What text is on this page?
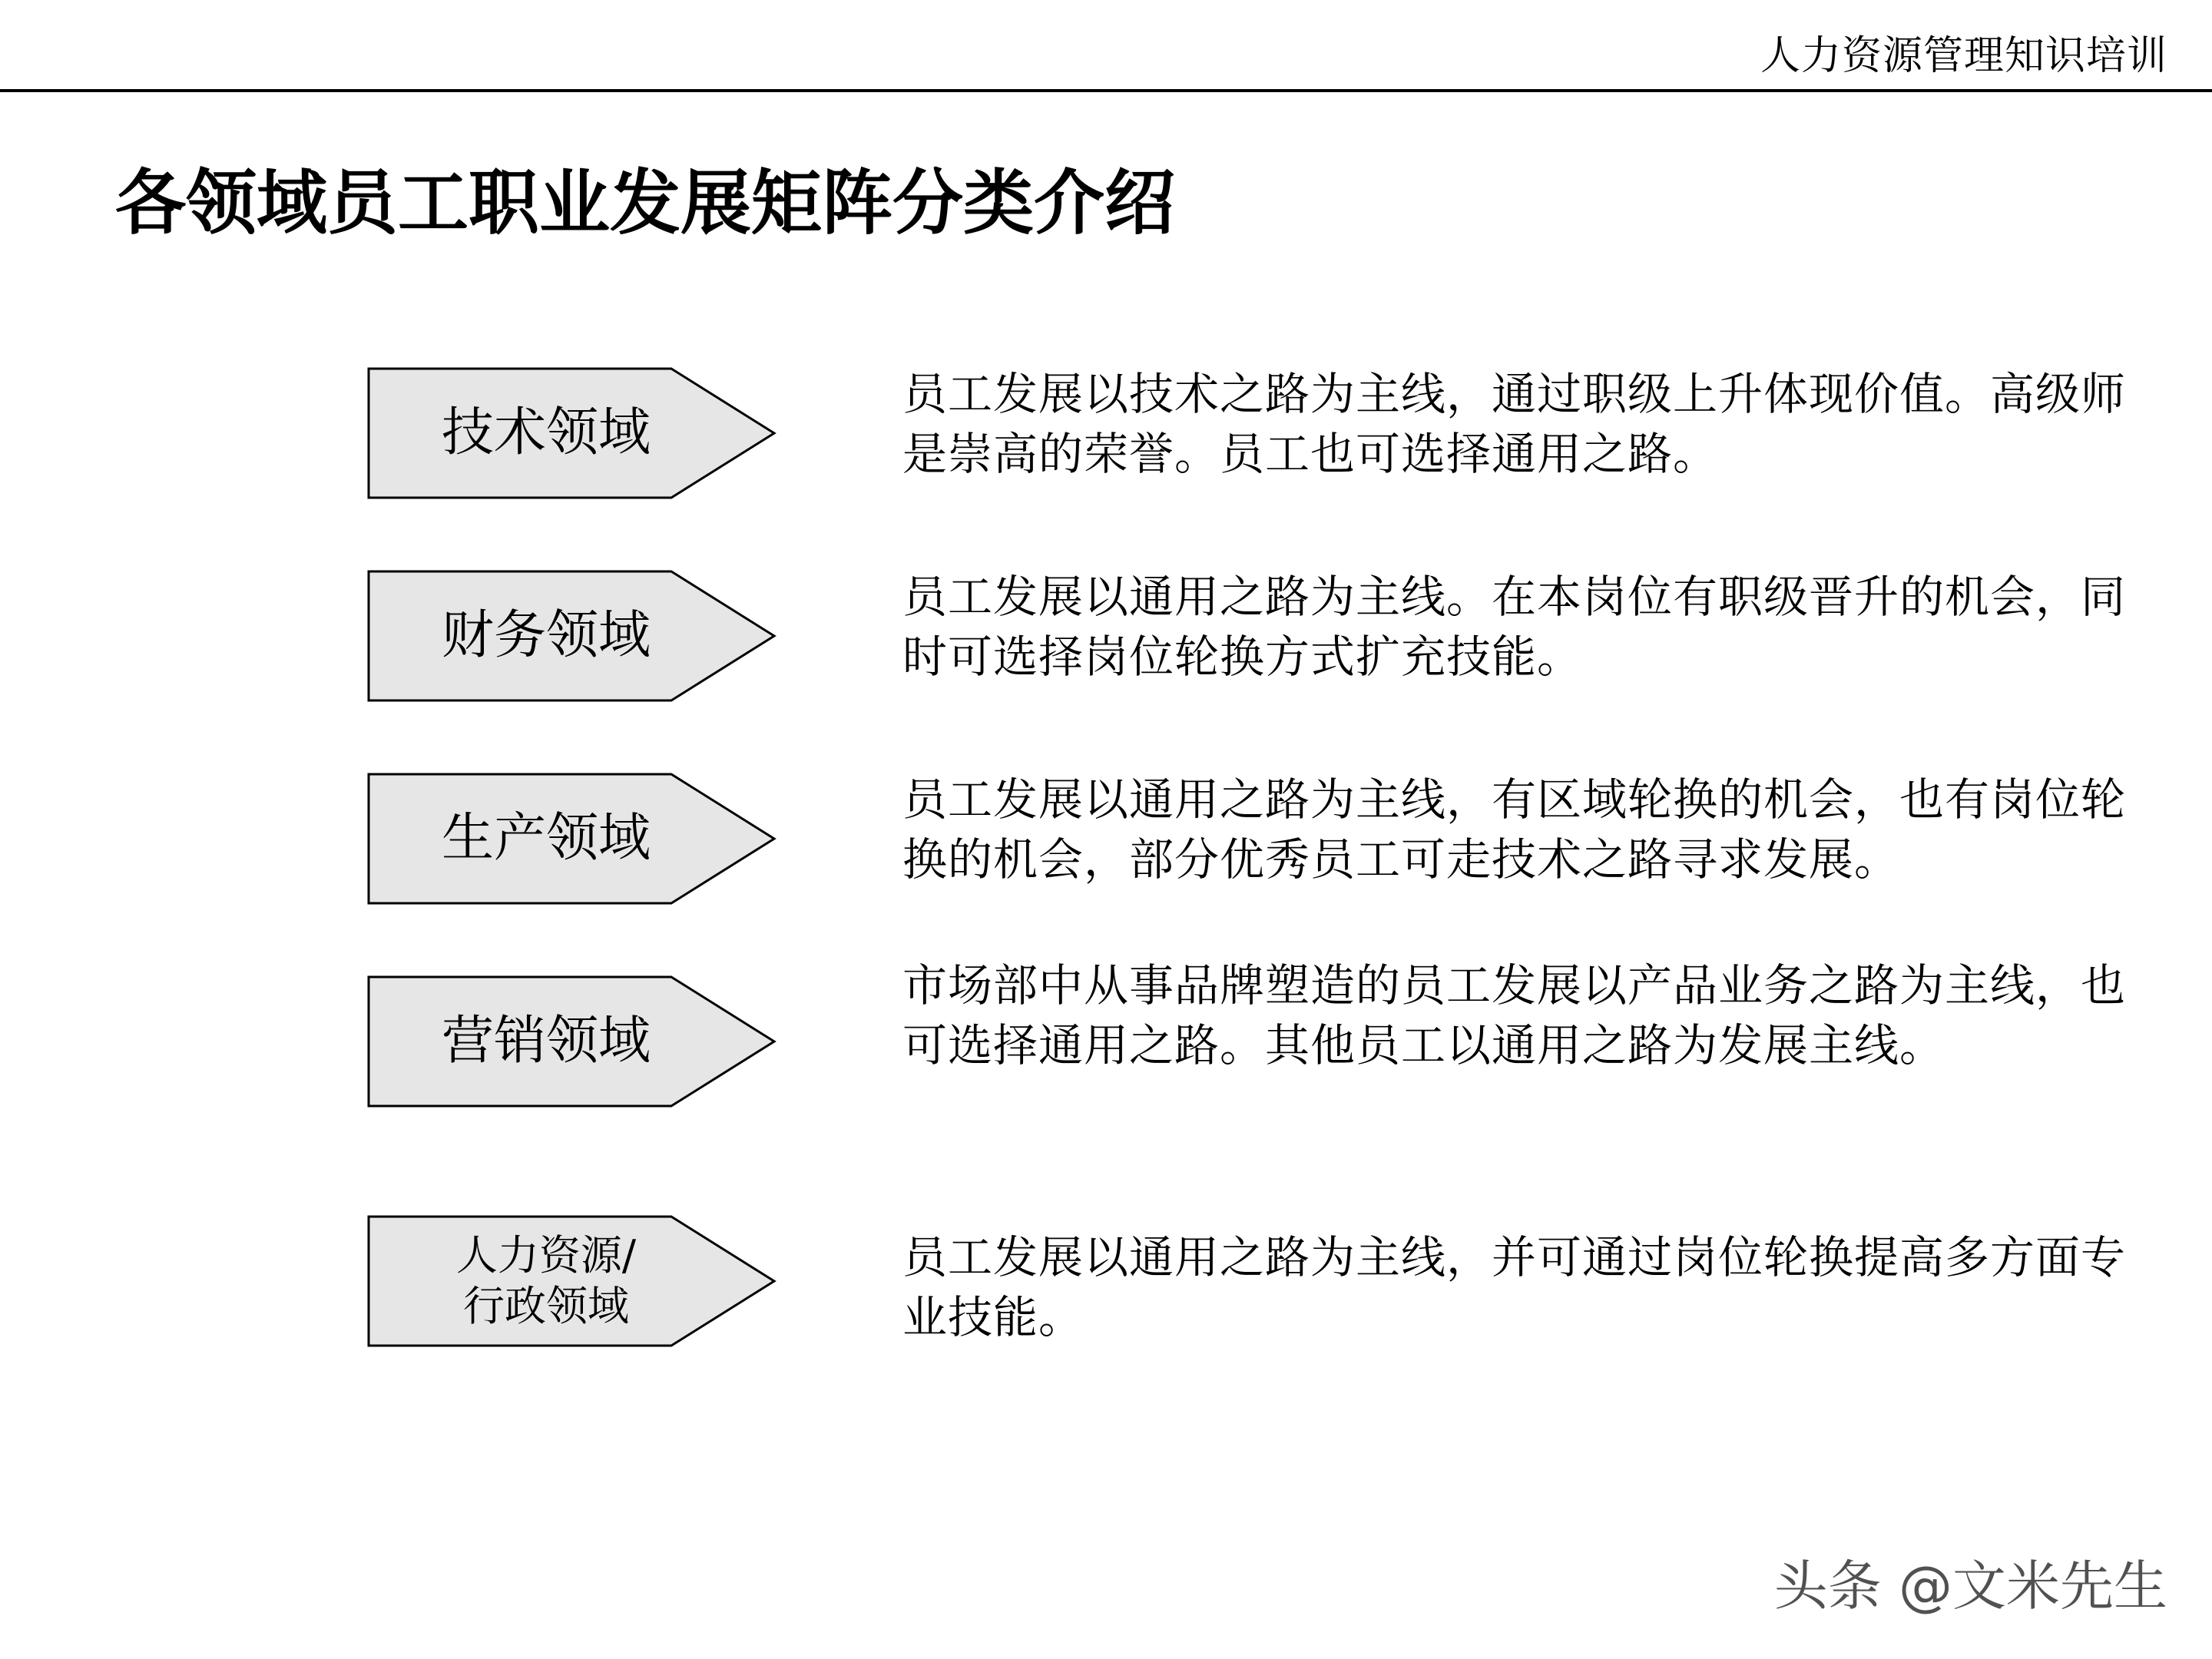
人力资源管理知识培训
各领域员工职业发展矩阵分类介绍
技术领域
员工发展以技术之路为主线，通过职级上升体现价值。高级师是崇高的荣誉。员工也可选择通用之路。
财务领域
员工发展以通用之路为主线。在本岗位有职级晋升的机会，同时可选择岗位轮换方式扩充技能。
生产领域
员工发展以通用之路为主线，有区域轮换的机会，也有岗位轮换的机会，部分优秀员工可走技术之路寻求发展。
营销领域
市场部中从事品牌塑造的员工发展以产品业务之路为主线，也可选择通用之路。其他员工以通用之路为发展主线。
人力资源/
行政领域
员工发展以通用之路为主线，并可通过岗位轮换提高多方面专业技能。
头条 @文米先生
